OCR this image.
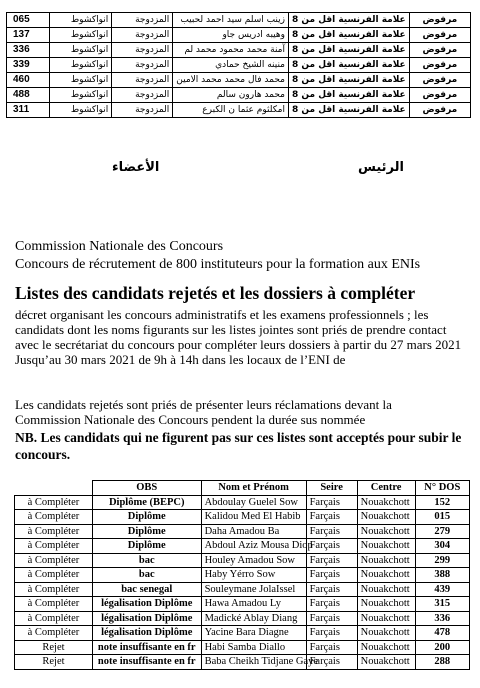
065	انواكشوط	المزدوجة	زينب اسلم سيد احمد لحبيب	علامة الفرنسية اقل من 8	مرفوض
137	انواكشوط	المزدوجة	وهيبه ادريس جاو	علامة الفرنسية اقل من 8	مرفوض
336	انواكشوط	المزدوجة	آمنة محمد محمود محمد لم	علامة الفرنسية اقل من 8	مرفوض
339	انواكشوط	المزدوجة	منينه الشيخ حمادي	علامة الفرنسية اقل من 8	مرفوض
460	انواكشوط	المزدوجة	محمد فال محمد محمد الامين	علامة الفرنسية اقل من 8	مرفوض
488	انواكشوط	المزدوجة	محمد هارون سالم	علامة الفرنسية اقل من 8	مرفوض
311	انواكشوط	المزدوجة	امكلثوم عثما ن الكبرع	علامة الفرنسية اقل من 8	مرفوض
الأعضاء	الرئيس
Commission Nationale des Concours
Concours de récrutement de 800 instituteurs pour la formation aux ENIs
Listes des candidats rejetés et les dossiers à compléter
décret organisant les concours administratifs et les examens professionnels ; les candidats dont les noms figurants sur les listes jointes sont priés de prendre contact avec le secrétariat du concours pour compléter leurs dossiers à partir du 27 mars 2021 Jusqu’au 30 mars 2021 de 9h à 14h dans les locaux de l’ENI de
Les candidats rejetés sont priés de présenter leurs réclamations devant la Commission Nationale des Concours pendent la durée sus nommée
NB. Les candidats qui ne figurent pas sur ces listes sont acceptés pour subir le concours.
	OBS	Nom et Prénom	Seire	Centre	N° DOS
à Compléter	Diplôme (BEPC)	Abdoulay Guelel Sow	Farçais	Nouakchott	152
à Compléter	Diplôme	Kalidou Med El Habib	Farçais	Nouakchott	015
à Compléter	Diplôme	Daha Amadou Ba	Farçais	Nouakchott	279
à Compléter	Diplôme	Abdoul Aziz Mousa Diop	Farçais	Nouakchott	304
à Compléter	bac	Houley Amadou Sow	Farçais	Nouakchott	299
à Compléter	bac	Haby Yérro Sow	Farçais	Nouakchott	388
à Compléter	bac senegal	Souleymane JolaIssel	Farçais	Nouakchott	439
à Compléter	légalisation Diplôme	Hawa Amadou Ly	Farçais	Nouakchott	315
à Compléter	légalisation Diplôme	Madické Ablay Diang	Farçais	Nouakchott	336
à Compléter	légalisation Diplôme	Yacine Bara Diagne	Farçais	Nouakchott	478
Rejet	note insuffisante en fr	Habi Samba Diallo	Farçais	Nouakchott	200
Rejet	note insuffisante en fr	Baba Cheikh Tidjane Gaye	Farçais	Nouakchott	288
